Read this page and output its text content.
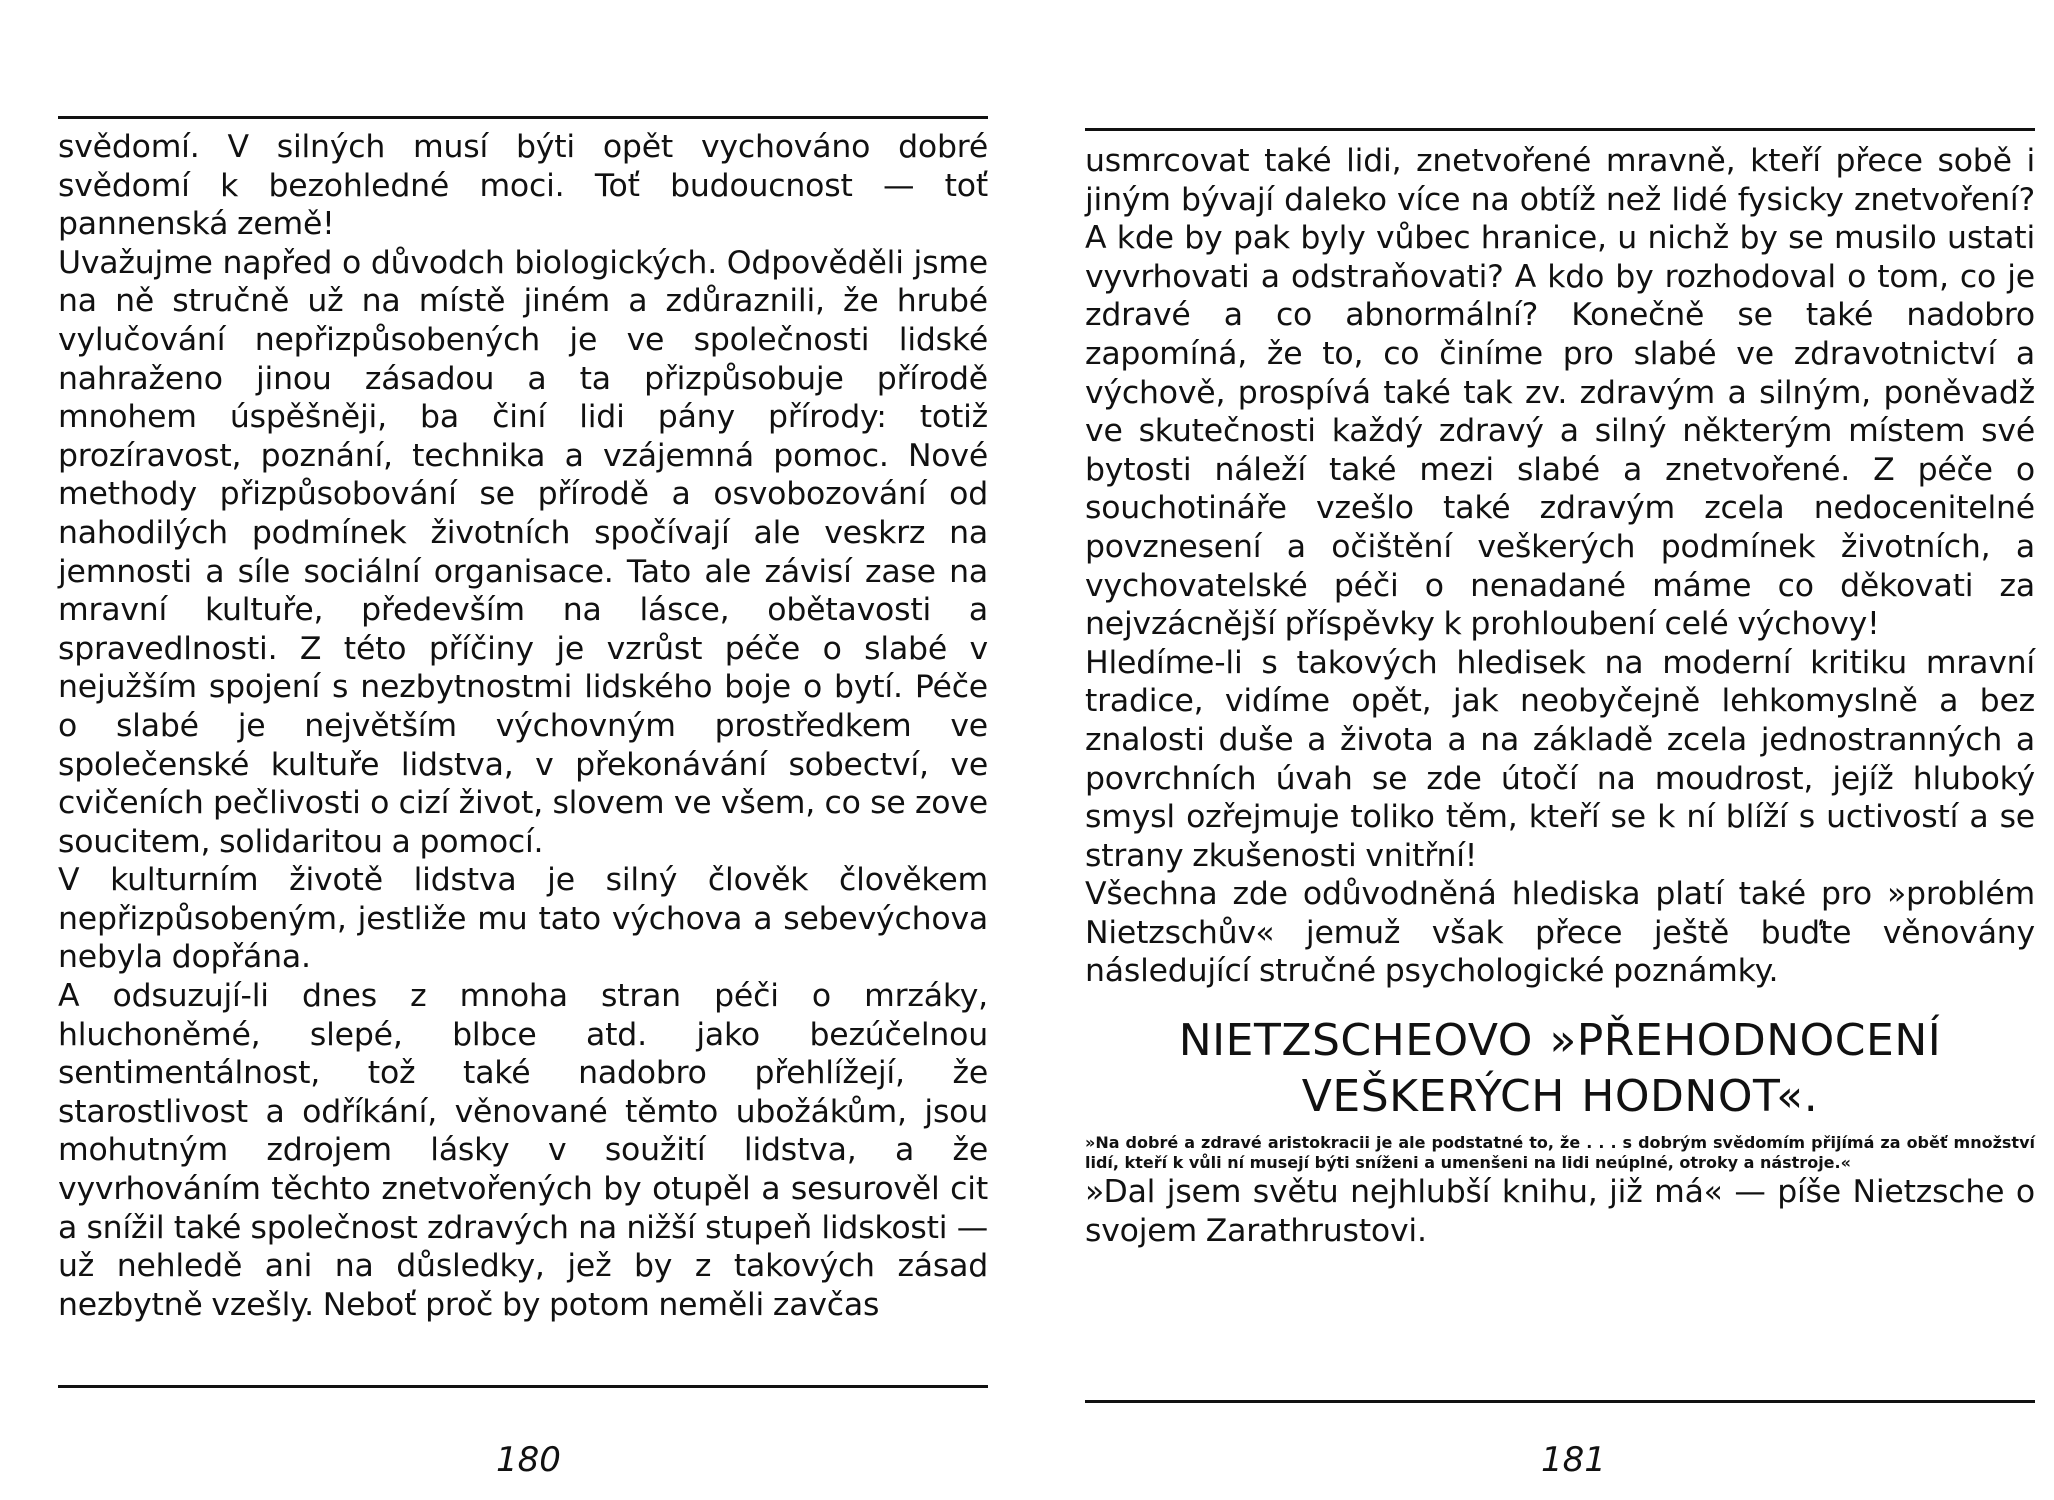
svědomí. V silných musí býti opět vychováno dobré svědomí k bezohledné moci. Toť budoucnost — toť pannenská země!

Uvažujme napřed o důvodch biologických. Odpověděli jsme na ně stručně už na místě jiném a zdůraznili, že hrubé vylučování nepřizpůsobených je ve společnosti lidské nahraženo jinou zásadou a ta přizpůsobuje přírodě mnohem úspěšněji, ba činí lidi pány přírody: totiž prozíravost, poznání, technika a vzájemná pomoc. Nové methody přizpůsobování se přírodě a osvobozování od nahodilých podmínek životních spočívají ale veskrz na jemnosti a síle sociální organisace. Tato ale závisí zase na mravní kultuře, především na lásce, obětavosti a spravedlnosti. Z této příčiny je vzrůst péče o slabé v nejužším spojení s nezbytnostmi lidského boje o bytí. Péče o slabé je největším výchovným prostředkem ve společenské kultuře lidstva, v překonávání sobectví, ve cvičeních pečlivosti o cizí život, slovem ve všem, co se zove soucitem, solidaritou a pomocí.

V kulturním životě lidstva je silný člověk člověkem nepřizpůsobeným, jestliže mu tato výchova a sebevýchova nebyla dopřána.

A odsuzují-li dnes z mnoha stran péči o mrzáky, hluchoněmé, slepé, blbce atd. jako bezúčelnou sentimentálnost, tož také nadobro přehlížejí, že starostlivost a odříkání, věnované těmto ubožákům, jsou mohutným zdrojem lásky v soužití lidstva, a že vyvrhováním těchto znetvořených by otupěl a sesurověl cit a snížil také společnost zdravých na nižší stupeň lidskosti — už nehledě ani na důsledky, jež by z takových zásad nezbytně vzešly. Neboť proč by potom neměli zavčas

180

usmrcovat také lidi, znetvořené mravně, kteří přece sobě i jiným bývají daleko více na obtíž než lidé fysicky znetvoření? A kde by pak byly vůbec hranice, u nichž by se musilo ustati vyvrhovati a odstraňovati? A kdo by rozhodoval o tom, co je zdravé a co abnormální? Konečně se také nadobro zapomíná, že to, co činíme pro slabé ve zdravotnictví a výchově, prospívá také tak zv. zdravým a silným, poněvadž ve skutečnosti každý zdravý a silný některým místem své bytosti náleží také mezi slabé a znetvořené. Z péče o souchotináře vzešlo také zdravým zcela nedocenitelné povznesení a očištění veškerých podmínek životních, a vychovatelské péči o nenadané máme co děkovati za nejvzácnější příspěvky k prohloubení celé výchovy!

Hledíme-li s takových hledisek na moderní kritiku mravní tradice, vidíme opět, jak neobyčejně lehkomyslně a bez znalosti duše a života a na základě zcela jednostranných a povrchních úvah se zde útočí na moudrost, jejíž hluboký smysl ozřejmuje toliko těm, kteří se k ní blíží s uctivostí a se strany zkušenosti vnitřní!

Všechna zde odůvodněná hlediska platí také pro »problém Nietzschův« jemuž však přece ještě buďte věnovány následující stručné psychologické poznámky.

NIETZSCHEOVO »PŘEHODNOCENÍ
VEŠKERÝCH HODNOT«.

»Na dobré a zdravé aristokracii je ale podstatné to, že . . . s dobrým svědomím přijímá za oběť množství lidí, kteří k vůli ní musejí býti sníženi a umenšeni na lidi neúplné, otroky a nástroje.«

»Dal jsem světu nejhlubší knihu, již má« — píše Nietzsche o svojem Zarathrustovi.

181
